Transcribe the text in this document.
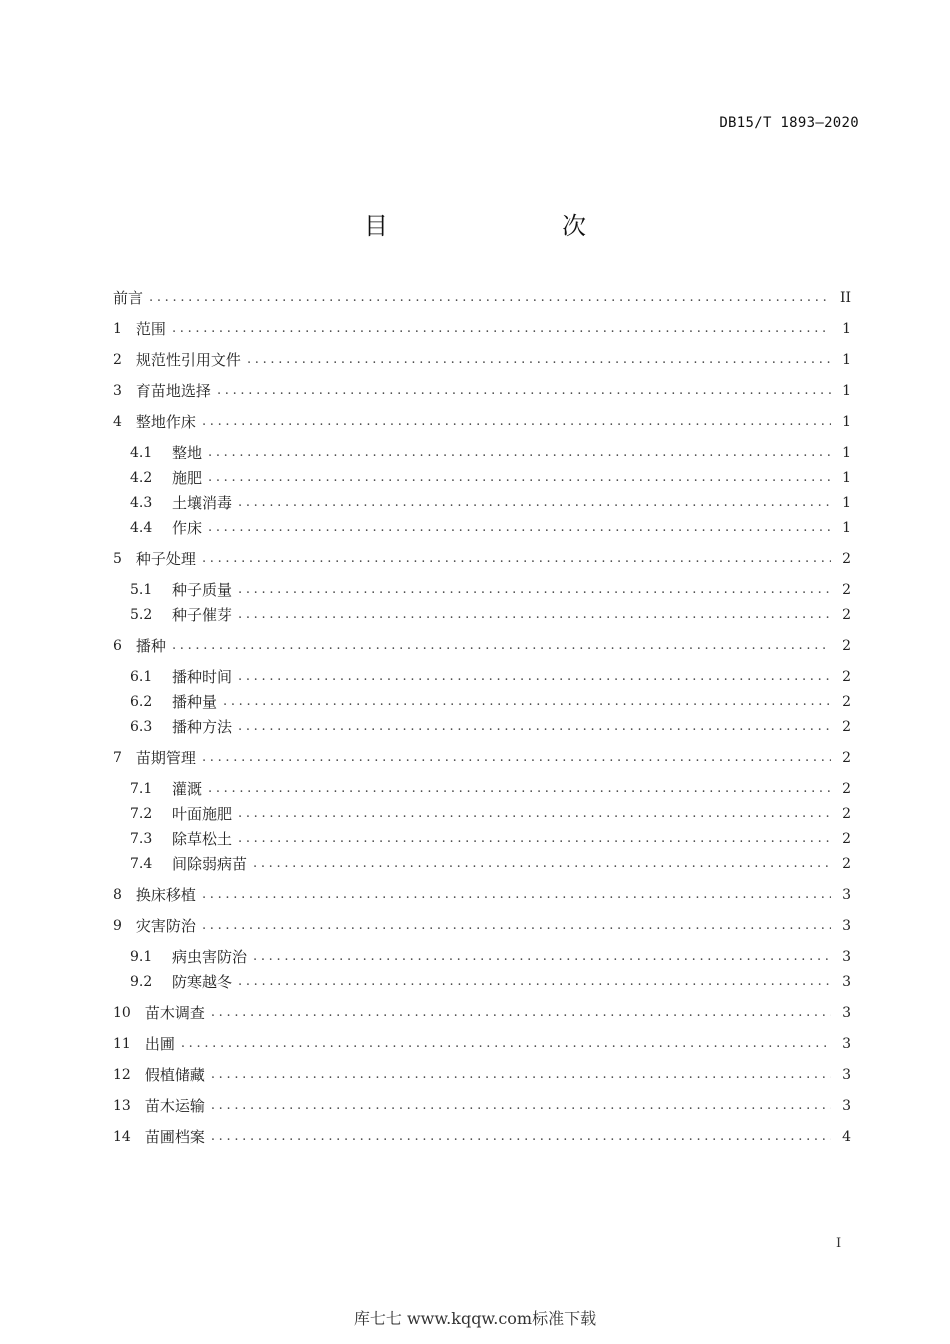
DB15/T 1893—2020
目　　次
前言 .....	II
1 范围 .....	1
2 规范性引用文件 .....	1
3 育苗地选择 .....	1
4 整地作床 .....	1
4.1	整地 .....	1
4.2	施肥 .....	1
4.3	土壤消毒 .....	1
4.4	作床 .....	1
5 种子处理 .....	2
5.1	种子质量 .....	2
5.2	种子催芽 .....	2
6 播种 .....	2
6.1	播种时间 .....	2
6.2	播种量 .....	2
6.3	播种方法 .....	2
7 苗期管理 .....	2
7.1	灌溉 .....	2
7.2	叶面施肥 .....	2
7.3	除草松土 .....	2
7.4	间除弱病苗 .....	2
8 换床移植 .....	3
9 灾害防治 .....	3
9.1	病虫害防治 .....	3
9.2	防寒越冬 .....	3
10 苗木调查 .....	3
11 出圃 .....	3
12 假植储藏 .....	3
13 苗木运输 .....	3
14 苗圃档案 .....	4
I
库七七 www.kqqw.com标准下载
